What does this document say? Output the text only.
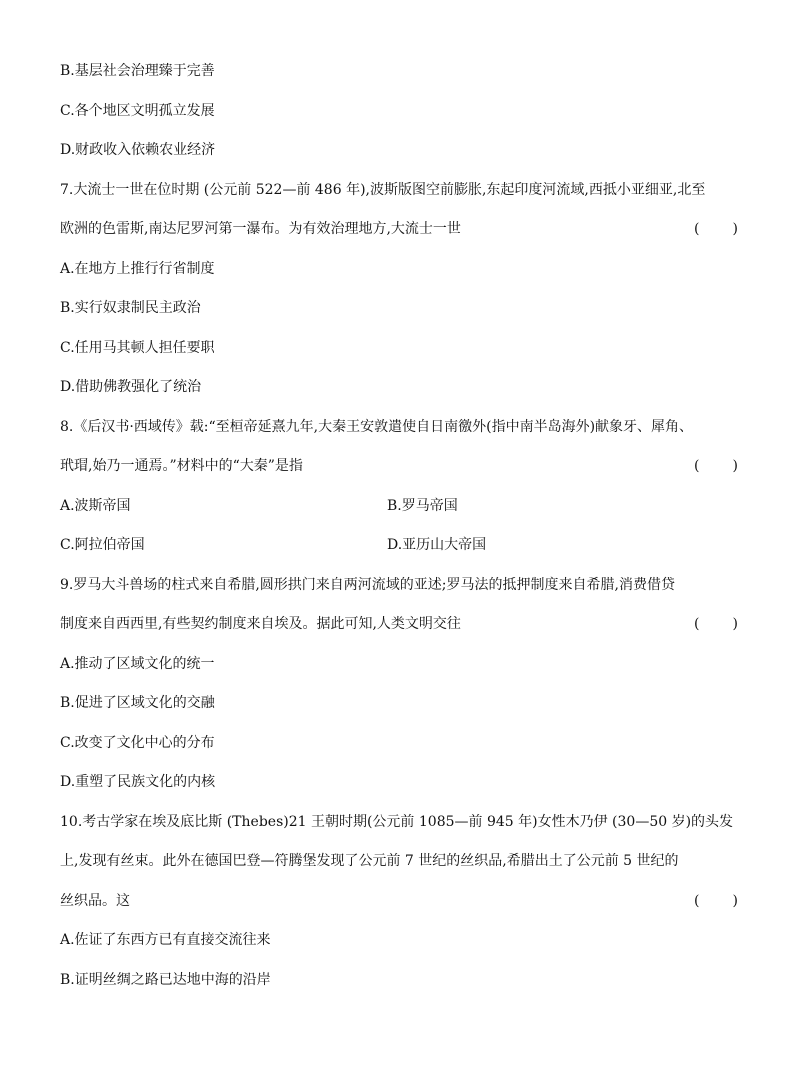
B.基层社会治理臻于完善
C.各个地区文明孤立发展
D.财政收入依赖农业经济
7.大流士一世在位时期 (公元前 522—前 486 年),波斯版图空前膨胀,东起印度河流域,西抵小亚细亚,北至
欧洲的色雷斯,南达尼罗河第一瀑布。为有效治理地方,大流士一世	( )
A.在地方上推行行省制度
B.实行奴隶制民主政治
C.任用马其顿人担任要职
D.借助佛教强化了统治
8.《后汉书·西域传》载:“至桓帝延熹九年,大秦王安敦遣使自日南徼外(指中南半岛海外)献象牙、犀角、
玳瑁,始乃一通焉。”材料中的“大秦”是指	( )
A.波斯帝国	B.罗马帝国
C.阿拉伯帝国	D.亚历山大帝国
9.罗马大斗兽场的柱式来自希腊,圆形拱门来自两河流域的亚述;罗马法的抵押制度来自希腊,消费借贷
制度来自西西里,有些契约制度来自埃及。据此可知,人类文明交往	( )
A.推动了区域文化的统一
B.促进了区域文化的交融
C.改变了文化中心的分布
D.重塑了民族文化的内核
10.考古学家在埃及底比斯 (Thebes)21 王朝时期(公元前 1085—前 945 年)女性木乃伊 (30—50 岁)的头发
上,发现有丝束。此外在德国巴登—符腾堡发现了公元前 7 世纪的丝织品,希腊出土了公元前 5 世纪的
丝织品。这	( )
A.佐证了东西方已有直接交流往来
B.证明丝绸之路已达地中海的沿岸
